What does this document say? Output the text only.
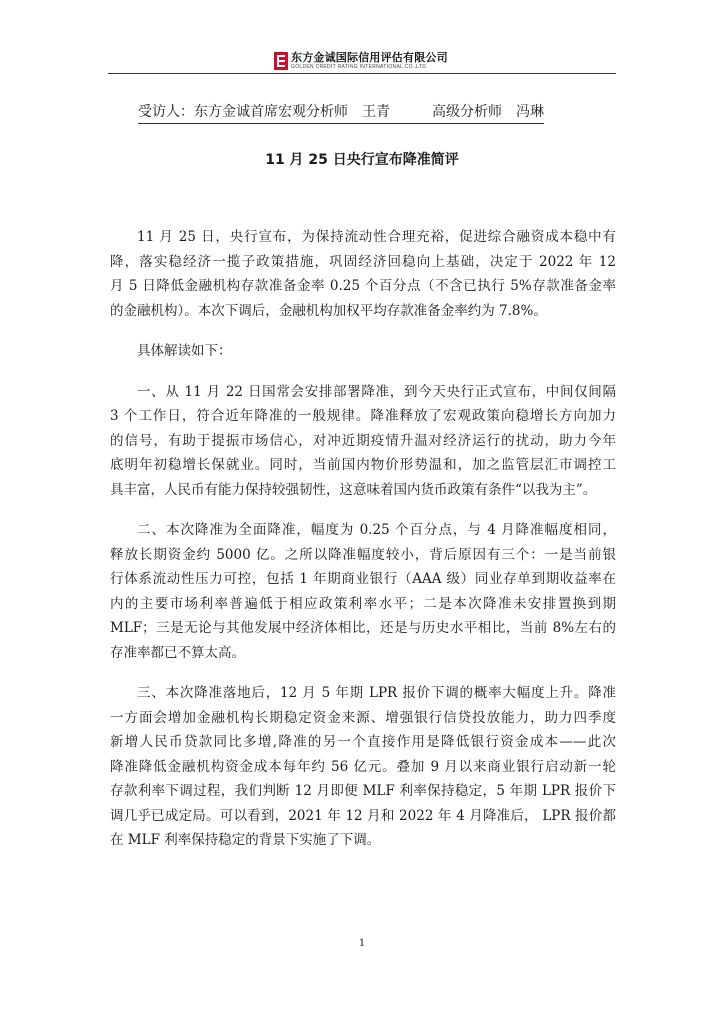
东方金诚国际信用评估有限公司
GOLDEN CREDIT RATING INTERNATIONAL CO.,LTD.
受访人：东方金诚首席宏观分析师　王青　　　高级分析师　冯琳
11 月 25 日央行宣布降准简评
11 月 25 日，央行宣布，为保持流动性合理充裕，促进综合融资成本稳中有
降，落实稳经济一揽子政策措施，巩固经济回稳向上基础，决定于 2022 年 12
月 5 日降低金融机构存款准备金率 0.25 个百分点（不含已执行 5%存款准备金率
的金融机构）。本次下调后，金融机构加权平均存款准备金率约为 7.8%。
具体解读如下：
一、从 11 月 22 日国常会安排部署降准，到今天央行正式宣布，中间仅间隔
3 个工作日，符合近年降准的一般规律。降准释放了宏观政策向稳增长方向加力
的信号，有助于提振市场信心，对冲近期疫情升温对经济运行的扰动，助力今年
底明年初稳增长保就业。同时，当前国内物价形势温和，加之监管层汇市调控工
具丰富，人民币有能力保持较强韧性，这意味着国内货币政策有条件“以我为主”。
二、本次降准为全面降准，幅度为 0.25 个百分点，与 4 月降准幅度相同，
释放长期资金约 5000 亿。之所以降准幅度较小，背后原因有三个：一是当前银
行体系流动性压力可控，包括 1 年期商业银行（AAA 级）同业存单到期收益率在
内的主要市场利率普遍低于相应政策利率水平；二是本次降准未安排置换到期
MLF；三是无论与其他发展中经济体相比，还是与历史水平相比，当前 8%左右的
存准率都已不算太高。
三、本次降准落地后，12 月 5 年期 LPR 报价下调的概率大幅度上升。降准
一方面会增加金融机构长期稳定资金来源、增强银行信贷投放能力，助力四季度
新增人民币贷款同比多增,降准的另一个直接作用是降低银行资金成本——此次
降准降低金融机构资金成本每年约 56 亿元。叠加 9 月以来商业银行启动新一轮
存款利率下调过程，我们判断 12 月即便 MLF 利率保持稳定，5 年期 LPR 报价下
调几乎已成定局。可以看到，2021 年 12 月和 2022 年 4 月降准后， LPR 报价都
在 MLF 利率保持稳定的背景下实施了下调。
1
